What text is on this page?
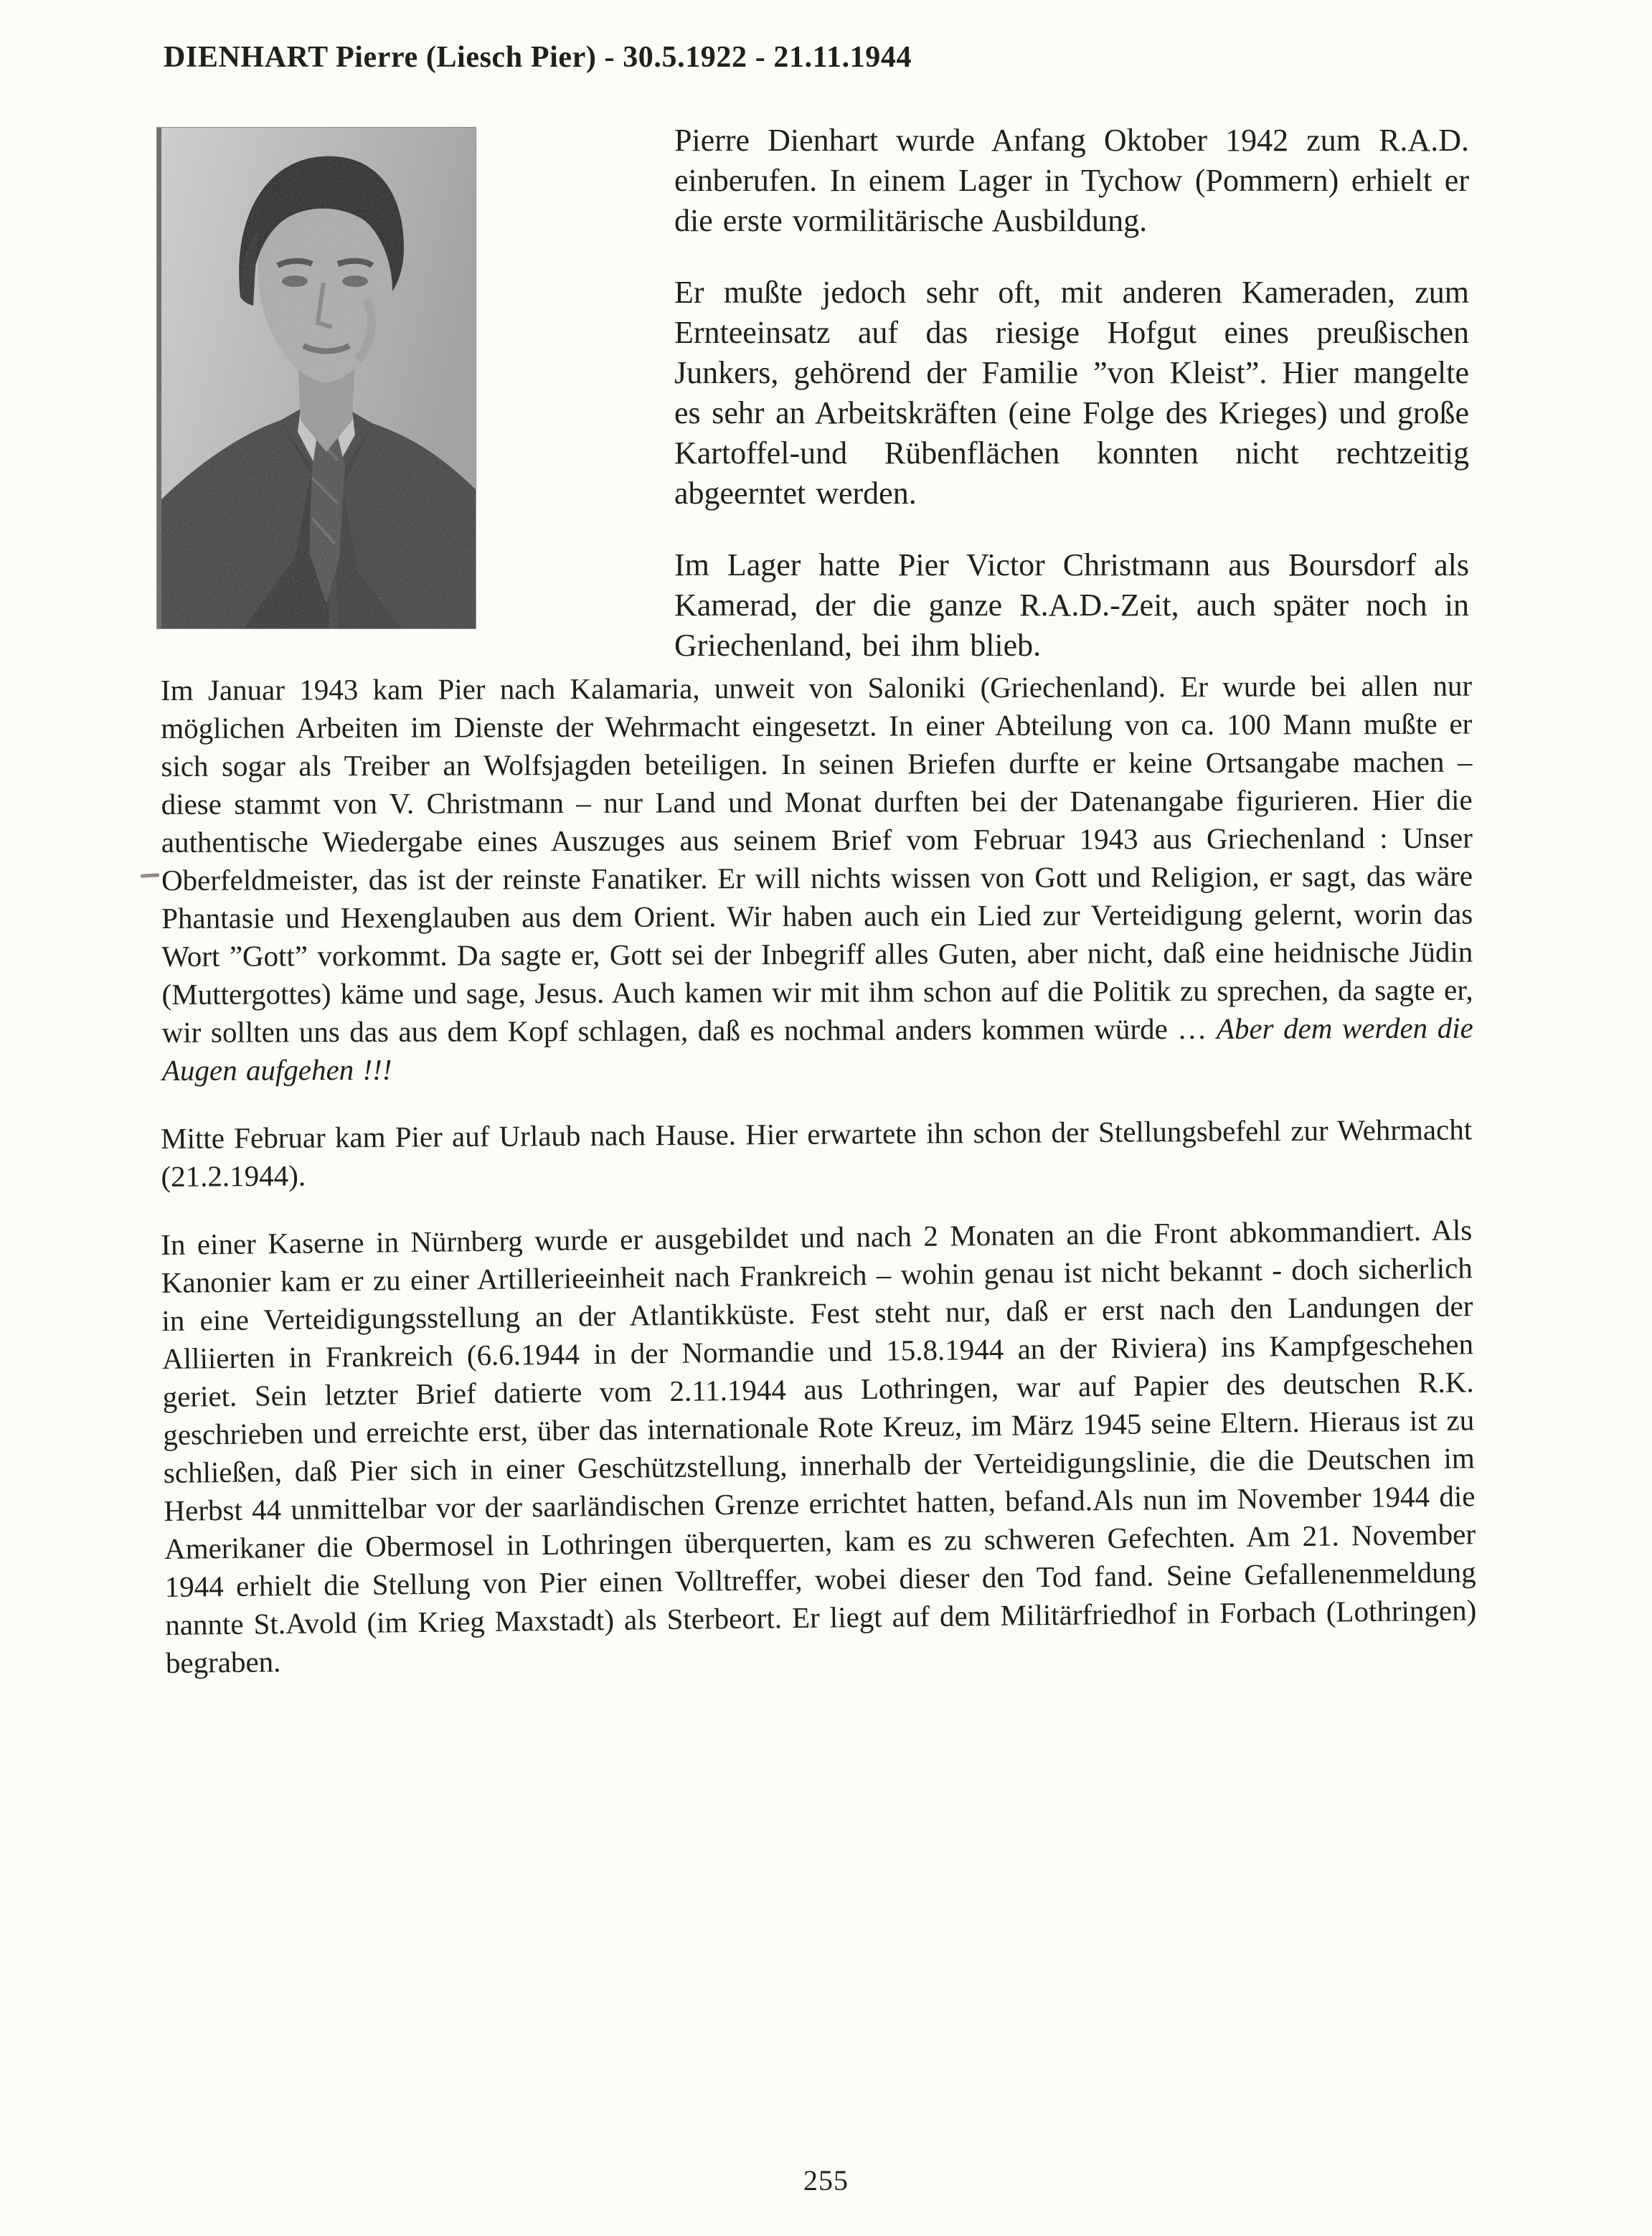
DIENHART Pierre (Liesch Pier) - 30.5.1922 - 21.11.1944

Pierre Dienhart wurde Anfang Oktober 1942 zum R.A.D. einberufen. In einem Lager in Tychow (Pommern) erhielt er die erste vormilitärische Ausbildung.

Er mußte jedoch sehr oft, mit anderen Kameraden, zum Ernteeinsatz auf das riesige Hofgut eines preußischen Junkers, gehörend der Familie ”von Kleist”. Hier mangelte es sehr an Arbeitskräften (eine Folge des Krieges) und große Kartoffel-und Rübenflächen konnten nicht rechtzeitig abgeerntet werden.

Im Lager hatte Pier Victor Christmann aus Boursdorf als Kamerad, der die ganze R.A.D.-Zeit, auch später noch in Griechenland, bei ihm blieb.

Im Januar 1943 kam Pier nach Kalamaria, unweit von Saloniki (Griechenland). Er wurde bei allen nur möglichen Arbeiten im Dienste der Wehrmacht eingesetzt. In einer Abteilung von ca. 100 Mann mußte er sich sogar als Treiber an Wolfsjagden beteiligen. In seinen Briefen durfte er keine Ortsangabe machen – diese stammt von V. Christmann – nur Land und Monat durften bei der Datenangabe figurieren. Hier die authentische Wiedergabe eines Auszuges aus seinem Brief vom Februar 1943 aus Griechenland : Unser Oberfeldmeister, das ist der reinste Fanatiker. Er will nichts wissen von Gott und Religion, er sagt, das wäre Phantasie und Hexenglauben aus dem Orient. Wir haben auch ein Lied zur Verteidigung gelernt, worin das Wort ”Gott” vorkommt. Da sagte er, Gott sei der Inbegriff alles Guten, aber nicht, daß eine heidnische Jüdin (Muttergottes) käme und sage, Jesus. Auch kamen wir mit ihm schon auf die Politik zu sprechen, da sagte er, wir sollten uns das aus dem Kopf schlagen, daß es nochmal anders kommen würde … Aber dem werden die Augen aufgehen !!!

Mitte Februar kam Pier auf Urlaub nach Hause. Hier erwartete ihn schon der Stellungsbefehl zur Wehrmacht (21.2.1944).

In einer Kaserne in Nürnberg wurde er ausgebildet und nach 2 Monaten an die Front abkommandiert. Als Kanonier kam er zu einer Artillerieeinheit nach Frankreich – wohin genau ist nicht bekannt - doch sicherlich in eine Verteidigungsstellung an der Atlantikküste. Fest steht nur, daß er erst nach den Landungen der Alliierten in Frankreich (6.6.1944 in der Normandie und 15.8.1944 an der Riviera) ins Kampfgeschehen geriet. Sein letzter Brief datierte vom 2.11.1944 aus Lothringen, war auf Papier des deutschen R.K. geschrieben und erreichte erst, über das internationale Rote Kreuz, im März 1945 seine Eltern. Hieraus ist zu schließen, daß Pier sich in einer Geschützstellung, innerhalb der Verteidigungslinie, die die Deutschen im Herbst 44 unmittelbar vor der saarländischen Grenze errichtet hatten, befand.Als nun im November 1944 die Amerikaner die Obermosel in Lothringen überquerten, kam es zu schweren Gefechten. Am 21. November 1944 erhielt die Stellung von Pier einen Volltreffer, wobei dieser den Tod fand. Seine Gefallenenmeldung nannte St.Avold (im Krieg Maxstadt) als Sterbeort. Er liegt auf dem Militärfriedhof in Forbach (Lothringen) begraben.

255
